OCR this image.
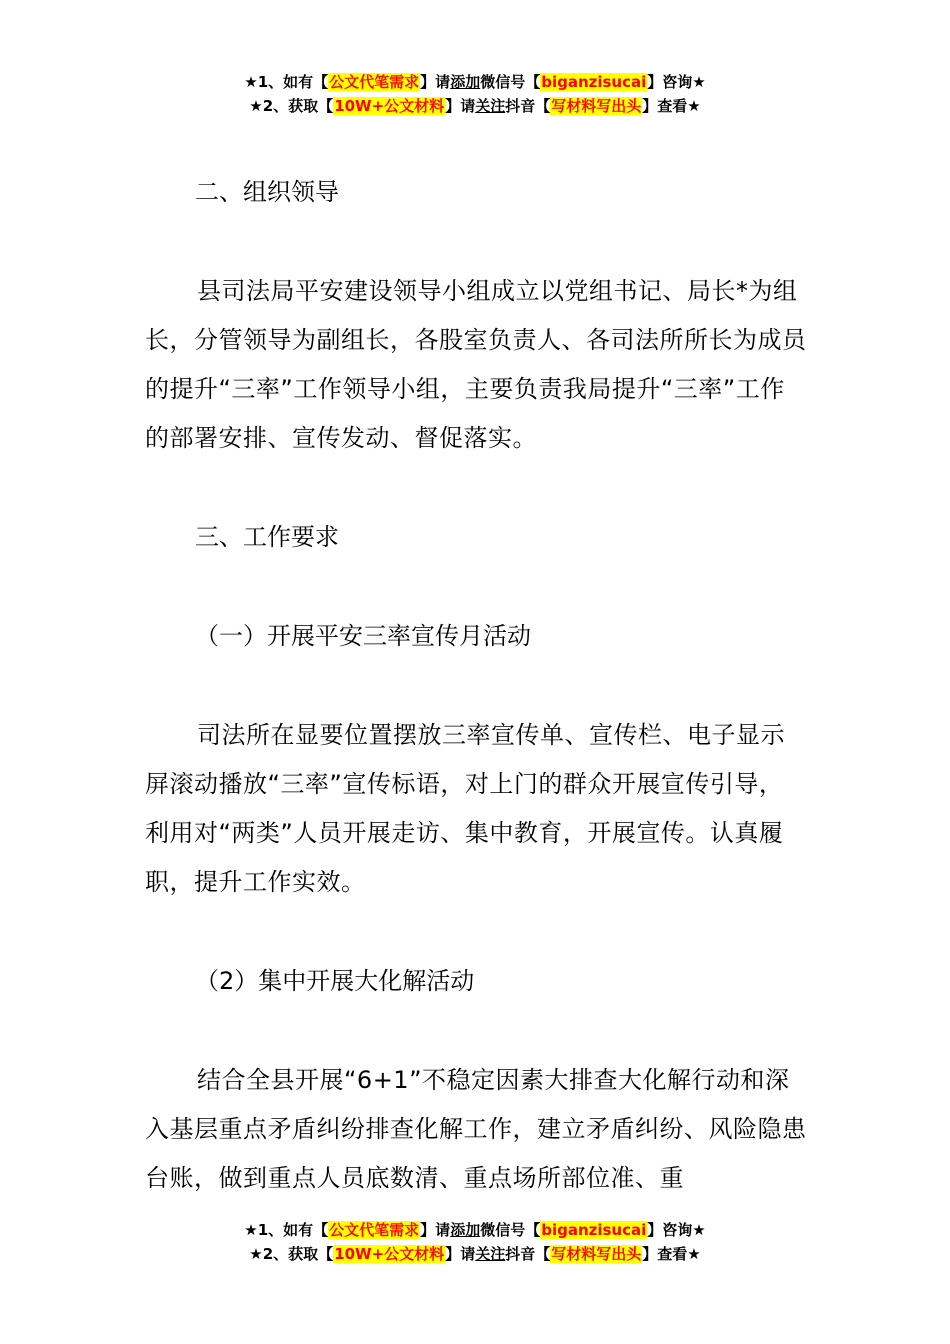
★1、如有【公文代笔需求】请添加微信号【biganzisucai】咨询★
★2、获取【10W+公文材料】请关注抖音【写材料写出头】查看★

二、组织领导

县司法局平安建设领导小组成立以党组书记、局长*为组长，分管领导为副组长，各股室负责人、各司法所所长为成员的提升“三率”工作领导小组，主要负责我局提升“三率”工作的部署安排、宣传发动、督促落实。

三、工作要求

（一）开展平安三率宣传月活动

司法所在显要位置摆放三率宣传单、宣传栏、电子显示屏滚动播放“三率”宣传标语，对上门的群众开展宣传引导，利用对“两类”人员开展走访、集中教育，开展宣传。认真履职，提升工作实效。

（2）集中开展大化解活动

结合全县开展“6+1”不稳定因素大排查大化解行动和深入基层重点矛盾纠纷排查化解工作，建立矛盾纠纷、风险隐患台账，做到重点人员底数清、重点场所部位准、重

★1、如有【公文代笔需求】请添加微信号【biganzisucai】咨询★
★2、获取【10W+公文材料】请关注抖音【写材料写出头】查看★
